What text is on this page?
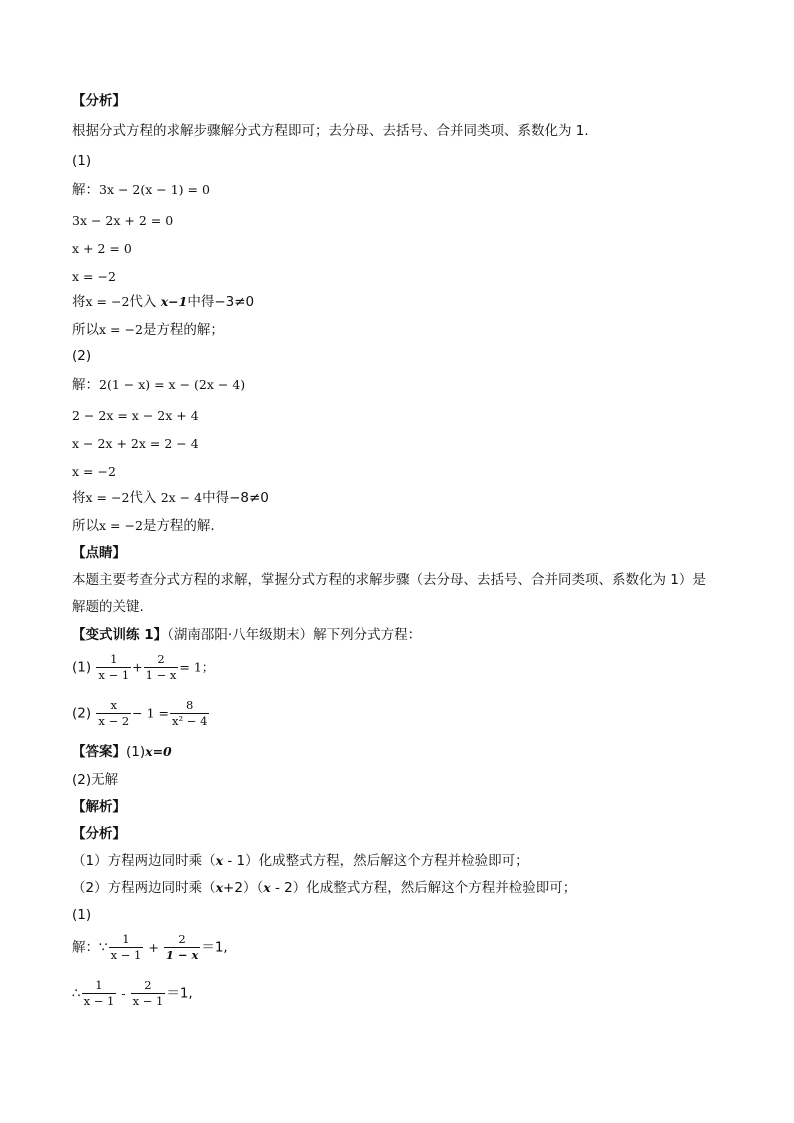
【分析】
根据分式方程的求解步骤解分式方程即可；去分母、去括号、合并同类项、系数化为 1.
(1)
解：3x − 2(x − 1) = 0
3x − 2x + 2 = 0
x + 2 = 0
x = −2
将x = −2代入 x−1中得−3≠0
所以x = −2是方程的解；
(2)
解：2(1 − x) = x − (2x − 4)
2 − 2x = x − 2x + 4
x − 2x + 2x = 2 − 4
x = −2
将x = −2代入 2x − 4中得−8≠0
所以x = −2是方程的解.
【点睛】
本题主要考查分式方程的求解，掌握分式方程的求解步骤（去分母、去括号、合并同类项、系数化为 1）是
解题的关键.
【变式训练 1】（湖南邵阳·八年级期末）解下列分式方程：
$(1) \frac{1}{x - 1} + \frac{2}{1 - x} = 1$；
$(2) \frac{x}{x - 2} - 1 = \frac{8}{\text{x² − 4}}$
【答案】(1)x=0
(2)无解
【解析】
【分析】
（1）方程两边同时乘（x - 1）化成整式方程，然后解这个方程并检验即可；
（2）方程两边同时乘（x+2）（x - 2）化成整式方程，然后解这个方程并检验即可；
(1)
解：∵ $\frac{1}{x - 1} + \frac{2}{1 - x} =1$,
∴ $\frac{1}{x - 1} - \frac{2}{x - 1} =1$,
